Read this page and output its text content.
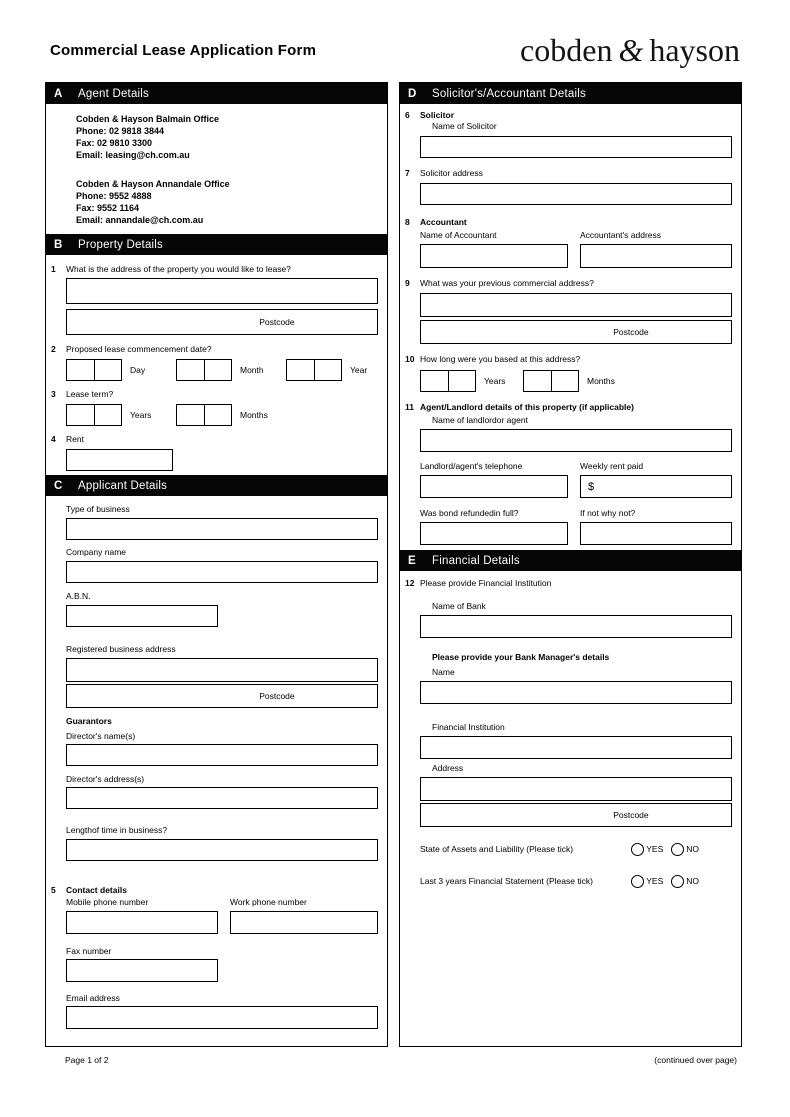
Commercial Lease Application Form	cobden & hayson
A	Agent Details
Cobden & Hayson Balmain Office
Phone: 02 9818 3844
Fax: 02 9810 3300
Email: leasing@ch.com.au
Cobden & Hayson Annandale Office
Phone: 9552 4888
Fax: 9552 1164
Email: annandale@ch.com.au
B	Property Details
1 What is the address of the property you would like to lease?
Postcode
2 Proposed lease commencement date?
Day	Month	Year
3 Lease term?
Years	Months
4 Rent
C	Applicant Details
Type of business
Company name
A.B.N.
Registered business address
Postcode
Guarantors
Director's name(s)
Director's address(s)
Lengthof time in business?
5 Contact details
Mobile phone number	Work phone number
Fax number
Email address
D	Solicitor's/Accountant Details
6 Solicitor
Name of Solicitor
7 Solicitor address
8 Accountant
Name of Accountant	Accountant's address
9 What was your previous commercial address?
Postcode
10 How long were you based at this address?
Years	Months
11 Agent/Landlord details of this property (if applicable)
Name of landlordor agent
Landlord/agent's telephone	Weekly rent paid
$
Was bond refundedin full?	If not why not?
E	Financial Details
12 Please provide Financial Institution
Name of Bank
Please provide your Bank Manager's details
Name
Financial Institution
Address
Postcode
State of Assets and Liability (Please tick)	YES	NO
Last 3 years Financial Statement (Please tick)	YES	NO
Page 1 of 2	(continued over page)
